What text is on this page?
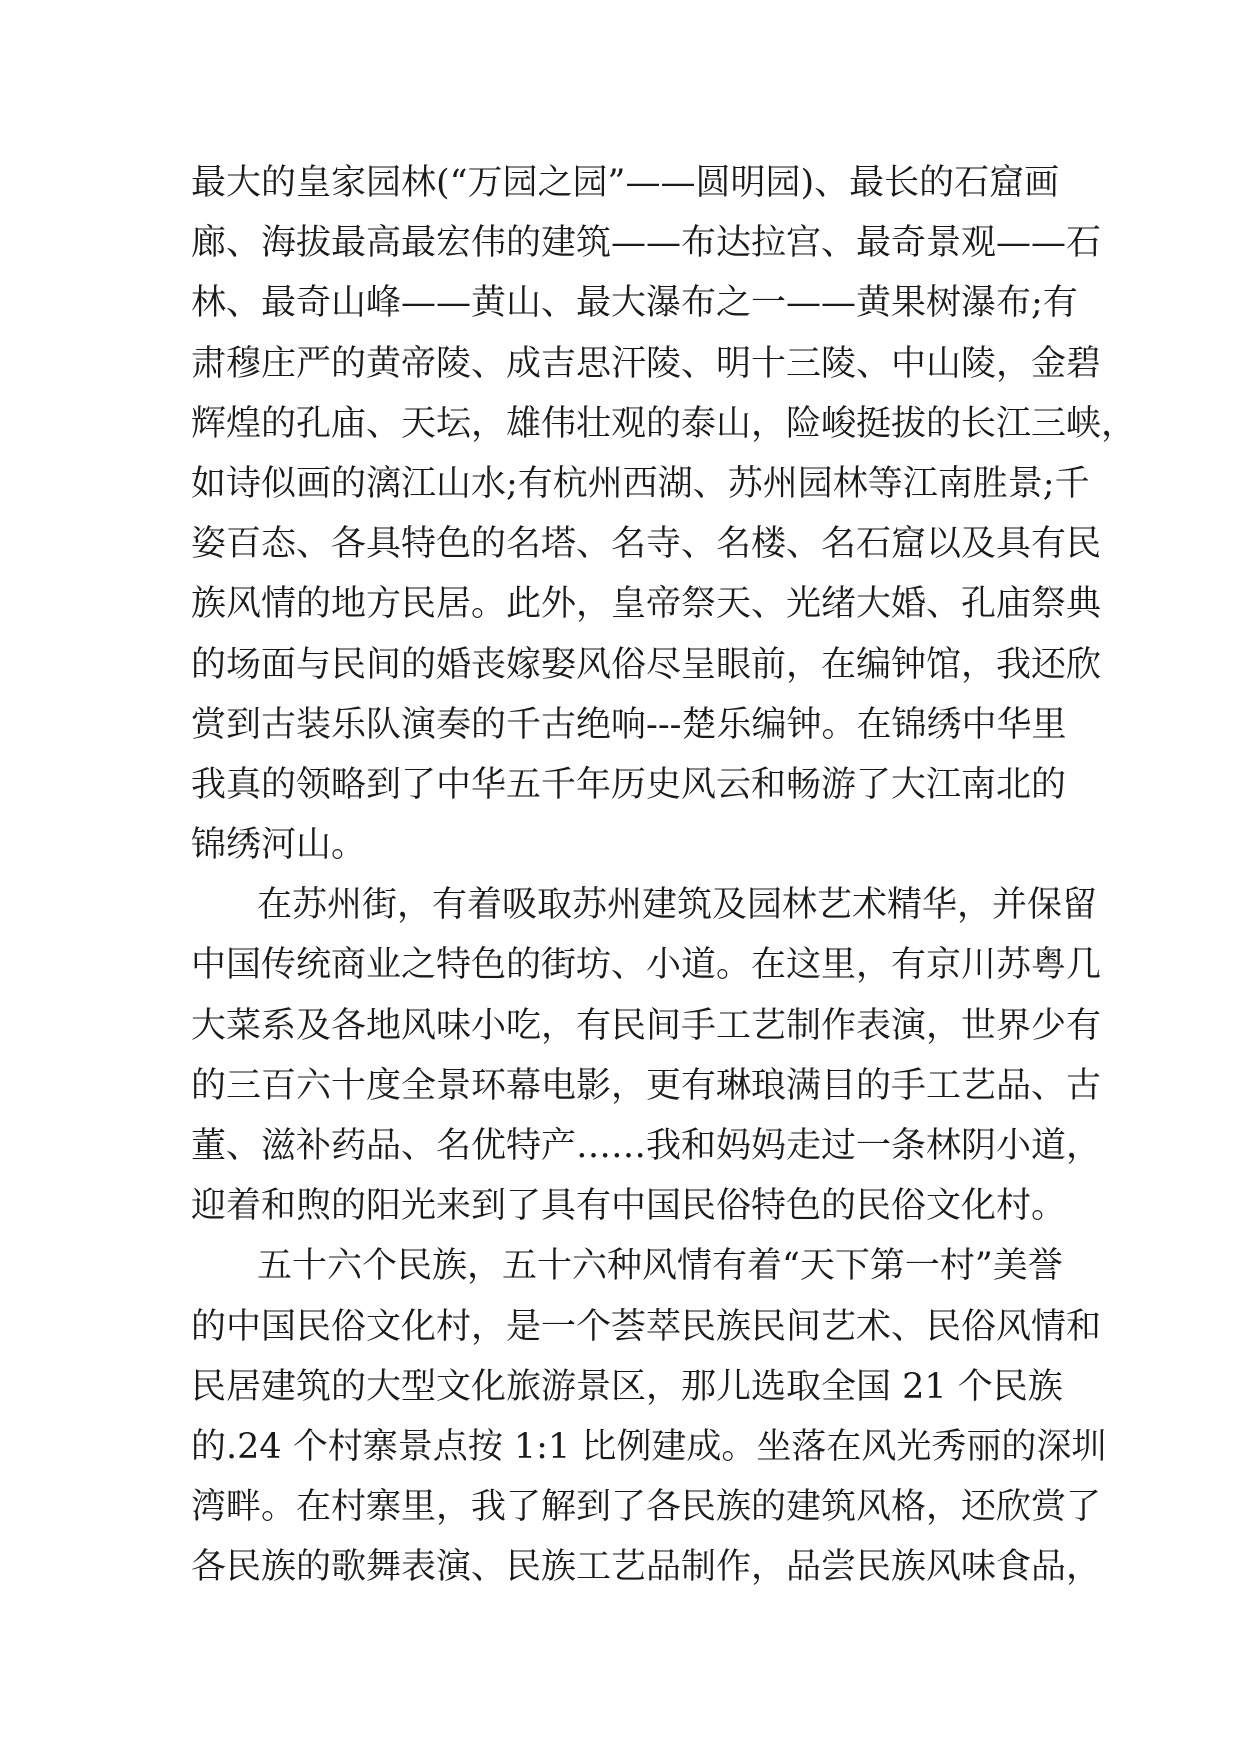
最大的皇家园林(“万园之园”——圆明园)、最长的石窟画
廊、海拔最高最宏伟的建筑——布达拉宫、最奇景观——石
林、最奇山峰——黄山、最大瀑布之一——黄果树瀑布;有
肃穆庄严的黄帝陵、成吉思汗陵、明十三陵、中山陵，金碧
辉煌的孔庙、天坛，雄伟壮观的泰山，险峻挺拔的长江三峡，
如诗似画的漓江山水;有杭州西湖、苏州园林等江南胜景;千
姿百态、各具特色的名塔、名寺、名楼、名石窟以及具有民
族风情的地方民居。此外，皇帝祭天、光绪大婚、孔庙祭典
的场面与民间的婚丧嫁娶风俗尽呈眼前，在编钟馆，我还欣
赏到古装乐队演奏的千古绝响---楚乐编钟。在锦绣中华里
我真的领略到了中华五千年历史风云和畅游了大江南北的
锦绣河山。
在苏州街，有着吸取苏州建筑及园林艺术精华，并保留
中国传统商业之特色的街坊、小道。在这里，有京川苏粤几
大菜系及各地风味小吃，有民间手工艺制作表演，世界少有
的三百六十度全景环幕电影，更有琳琅满目的手工艺品、古
董、滋补药品、名优特产……我和妈妈走过一条林阴小道，
迎着和煦的阳光来到了具有中国民俗特色的民俗文化村。
五十六个民族，五十六种风情有着“天下第一村”美誉
的中国民俗文化村，是一个荟萃民族民间艺术、民俗风情和
民居建筑的大型文化旅游景区，那儿选取全国 21 个民族
的.24 个村寨景点按 1:1 比例建成。坐落在风光秀丽的深圳
湾畔。在村寨里，我了解到了各民族的建筑风格，还欣赏了
各民族的歌舞表演、民族工艺品制作，品尝民族风味食品，
